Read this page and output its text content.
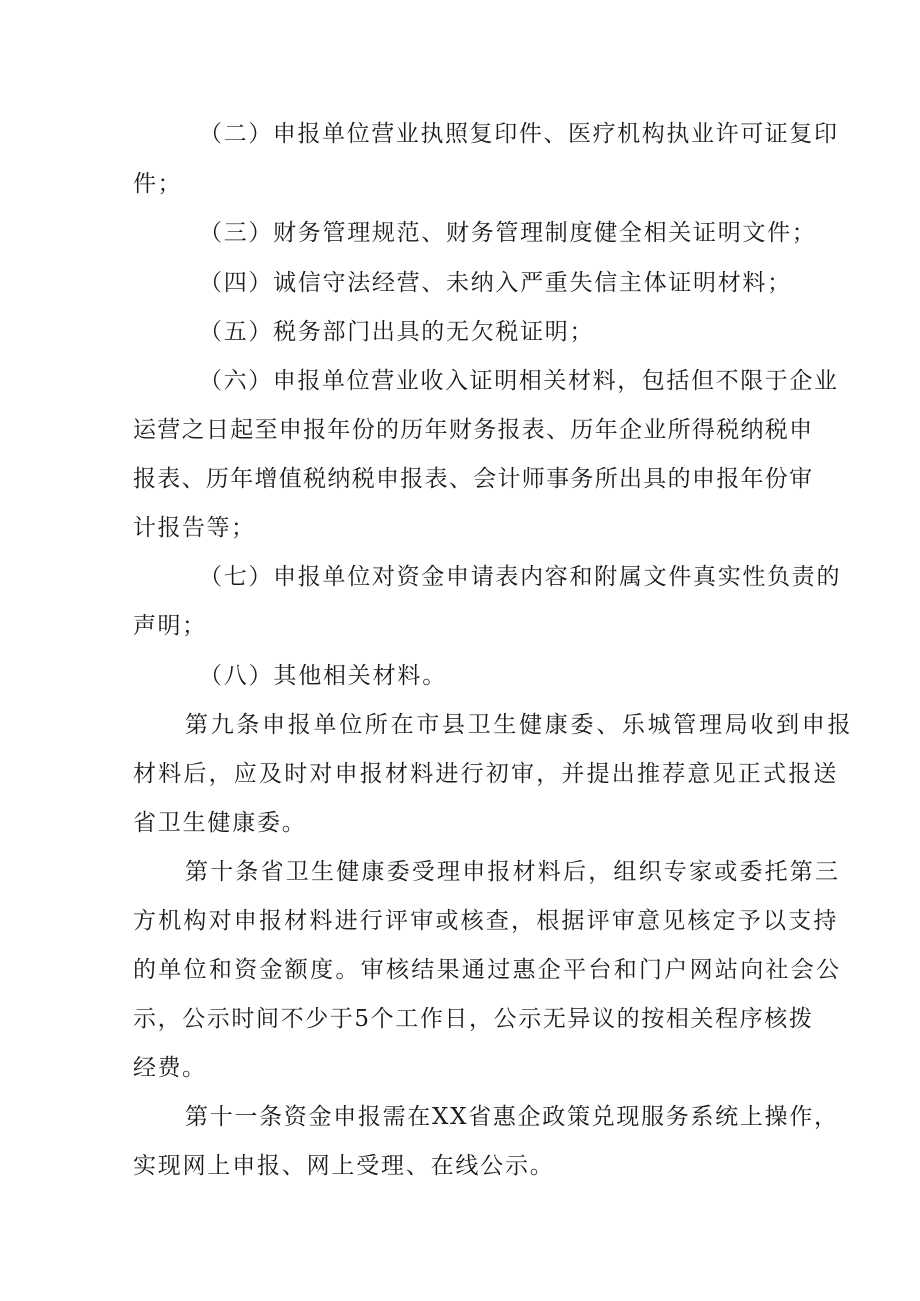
（二）申报单位营业执照复印件、医疗机构执业许可证复印
件；
（三）财务管理规范、财务管理制度健全相关证明文件；
（四）诚信守法经营、未纳入严重失信主体证明材料；
（五）税务部门出具的无欠税证明；
（六）申报单位营业收入证明相关材料，包括但不限于企业
运营之日起至申报年份的历年财务报表、历年企业所得税纳税申
报表、历年增值税纳税申报表、会计师事务所出具的申报年份审
计报告等；
（七）申报单位对资金申请表内容和附属文件真实性负责的
声明；
（八）其他相关材料。
第九条申报单位所在市县卫生健康委、乐城管理局收到申报
材料后，应及时对申报材料进行初审，并提出推荐意见正式报送
省卫生健康委。
第十条省卫生健康委受理申报材料后，组织专家或委托第三
方机构对申报材料进行评审或核查，根据评审意见核定予以支持
的单位和资金额度。审核结果通过惠企平台和门户网站向社会公
示，公示时间不少于5个工作日，公示无异议的按相关程序核拨
经费。
第十一条资金申报需在XX省惠企政策兑现服务系统上操作，
实现网上申报、网上受理、在线公示。
